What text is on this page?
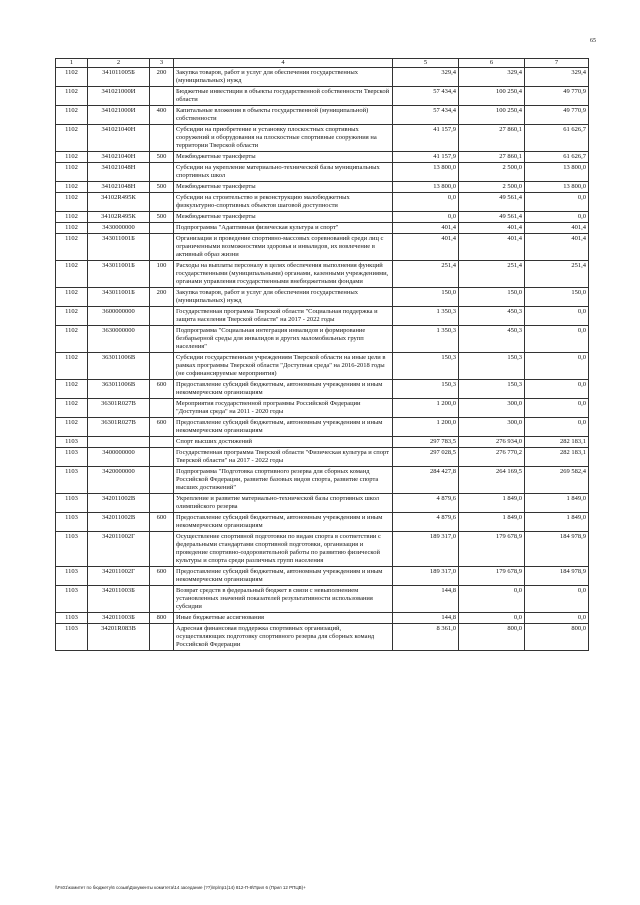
65
1	2	3	4	5	6	7
1102	341011005Б	200	Закупка товаров, работ и услуг для обеспечения государственных (муниципальных) нужд	329,4	329,4	329,4
1102	341021000И		Бюджетные инвестиции в объекты государственной собственности Тверской области	57 434,4	100 250,4	49 770,9
1102	341021000И	400	Капитальные вложения в объекты государственной (муниципальной) собственности	57 434,4	100 250,4	49 770,9
1102	341021040Н		Субсидии на приобретение и установку плоскостных спортивных сооружений и оборудования на плоскостные спортивные сооружения на территории Тверской области	41 157,9	27 860,1	61 626,7
1102	341021040Н	500	Межбюджетные трансферты	41 157,9	27 860,1	61 626,7
1102	341021048Н		Субсидии на укрепление материально-технической базы муниципальных спортивных школ	13 800,0	2 500,0	13 800,0
1102	341021048Н	500	Межбюджетные трансферты	13 800,0	2 500,0	13 800,0
1102	34102R495К		Субсидии на строительство и реконструкцию малобюджетных физкультурно-спортивных объектов шаговой доступности	0,0	49 561,4	0,0
1102	34102R495К	500	Межбюджетные трансферты	0,0	49 561,4	0,0
1102	3430000000		Подпрограмма "Адаптивная физическая культура и спорт"	401,4	401,4	401,4
1102	343011001Б		Организация и проведение спортивно-массовых соревнований среди лиц с ограниченными возможностями здоровья и инвалидов, их вовлечение в активный образ жизни	401,4	401,4	401,4
1102	343011001Б	100	Расходы на выплаты персоналу в целях обеспечения выполнения функций государственными (муниципальными) органами, казенными учреждениями, органами управления государственными внебюджетными фондами	251,4	251,4	251,4
1102	343011001Б	200	Закупка товаров, работ и услуг для обеспечения государственных (муниципальных) нужд	150,0	150,0	150,0
1102	3600000000		Государственная программа Тверской области "Социальная поддержка и защита населения Тверской области" на 2017 - 2022 годы	1 350,3	450,3	0,0
1102	3630000000		Подпрограмма "Социальная интеграция инвалидов и формирование безбарьерной среды для инвалидов и других маломобильных групп населения"	1 350,3	450,3	0,0
1102	363011006В		Субсидии государственным учреждениям Тверской области на иные цели в рамках программы Тверской области "Доступная среда" на 2016-2018 годы (не софинансируемые мероприятия)	150,3	150,3	0,0
1102	363011006В	600	Предоставление субсидий бюджетным, автономным учреждениям и иным некоммерческим организациям	150,3	150,3	0,0
1102	36301R027В		Мероприятия государственной программы Российской Федерации "Доступная среда" на 2011 - 2020 годы	1 200,0	300,0	0,0
1102	36301R027В	600	Предоставление субсидий бюджетным, автономным учреждениям и иным некоммерческим организациям	1 200,0	300,0	0,0
1103			Спорт высших достижений	297 783,5	276 934,0	282 183,1
1103	3400000000		Государственная программа Тверской области "Физическая культура и спорт Тверской области" на 2017 - 2022 годы	297 028,5	276 770,2	282 183,1
1103	3420000000		Подпрограмма "Подготовка спортивного резерва для сборных команд Российской Федерации, развитие базовых видов спорта, развитие спорта высших достижений"	284 427,8	264 169,5	269 582,4
1103	342011002В		Укрепление и развитие материально-технической базы спортивных школ олимпийского резерва	4 879,6	1 849,0	1 849,0
1103	342011002В	600	Предоставление субсидий бюджетным, автономным учреждениям и иным некоммерческим организациям	4 879,6	1 849,0	1 849,0
1103	342011002Г		Осуществление спортивной подготовки по видам спорта в соответствии с федеральными стандартами спортивной подготовки, организация и проведение спортивно-оздоровительной работы по развитию физической культуры и спорта среди различных групп населения	189 317,0	179 678,9	184 978,9
1103	342011002Г	600	Предоставление субсидий бюджетным, автономным учреждениям и иным некоммерческим организациям	189 317,0	179 678,9	184 978,9
1103	342011003Б		Возврат средств в федеральный бюджет в связи с невыполнением установленных значений показателей результативности использования субсидии	144,8	0,0	0,0
1103	342011003Б	800	Иные бюджетные ассигнования	144,8	0,0	0,0
1103	34201R083В		Адресная финансовая поддержка спортивных организаций, осуществляющих подготовку спортивного резерва для сборных команд Российской Федерации	8 361,0	800,0	800,0
\\Fs01\комитет по бюджету\6 созыв\Документы комитета\14 заседание (??)\пр\пр1(14) 812-П-8\Прил 6 (Прил 12 РПЦВ)+
